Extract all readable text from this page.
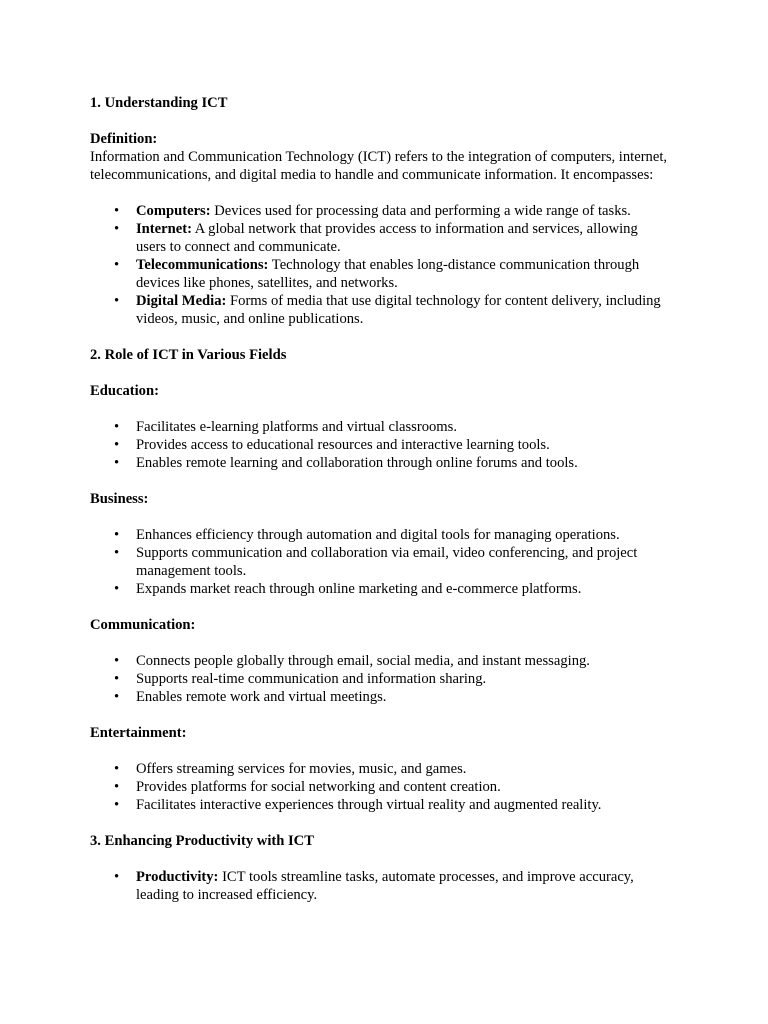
1. Understanding ICT

Definition:

Information and Communication Technology (ICT) refers to the integration of computers, internet, telecommunications, and digital media to handle and communicate information. It encompasses:

• Computers: Devices used for processing data and performing a wide range of tasks.
• Internet: A global network that provides access to information and services, allowing users to connect and communicate.
• Telecommunications: Technology that enables long-distance communication through devices like phones, satellites, and networks.
• Digital Media: Forms of media that use digital technology for content delivery, including videos, music, and online publications.

2. Role of ICT in Various Fields

Education:

• Facilitates e-learning platforms and virtual classrooms.
• Provides access to educational resources and interactive learning tools.
• Enables remote learning and collaboration through online forums and tools.

Business:

• Enhances efficiency through automation and digital tools for managing operations.
• Supports communication and collaboration via email, video conferencing, and project management tools.
• Expands market reach through online marketing and e-commerce platforms.

Communication:

• Connects people globally through email, social media, and instant messaging.
• Supports real-time communication and information sharing.
• Enables remote work and virtual meetings.

Entertainment:

• Offers streaming services for movies, music, and games.
• Provides platforms for social networking and content creation.
• Facilitates interactive experiences through virtual reality and augmented reality.

3. Enhancing Productivity with ICT

• Productivity: ICT tools streamline tasks, automate processes, and improve accuracy, leading to increased efficiency.
